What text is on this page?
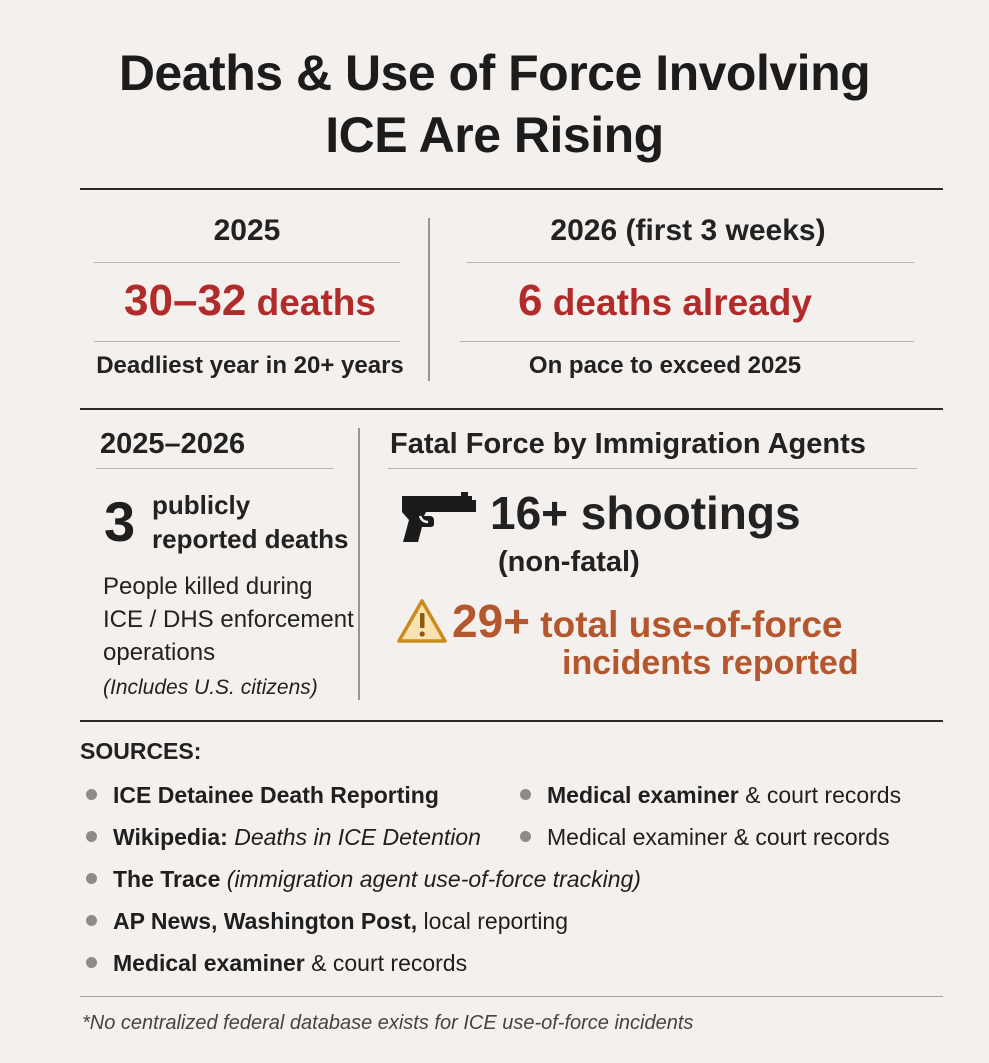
Deaths & Use of Force Involving
ICE Are Rising
2025
30–32 deaths
Deadliest year in 20+ years
2026 (first 3 weeks)
6 deaths already
On pace to exceed 2025
2025–2026
3 publicly
reported deaths
People killed during
ICE / DHS enforcement
operations
(Includes U.S. citizens)
Fatal Force by Immigration Agents
16+ shootings
(non-fatal)
29+ total use-of-force
incidents reported
SOURCES:
ICE Detainee Death Reporting
Wikipedia: Deaths in ICE Detention
The Trace (immigration agent use-of-force tracking)
AP News, Washington Post, local reporting
Medical examiner & court records
Medical examiner & court records
Medical examiner & court records
*No centralized federal database exists for ICE use-of-force incidents
